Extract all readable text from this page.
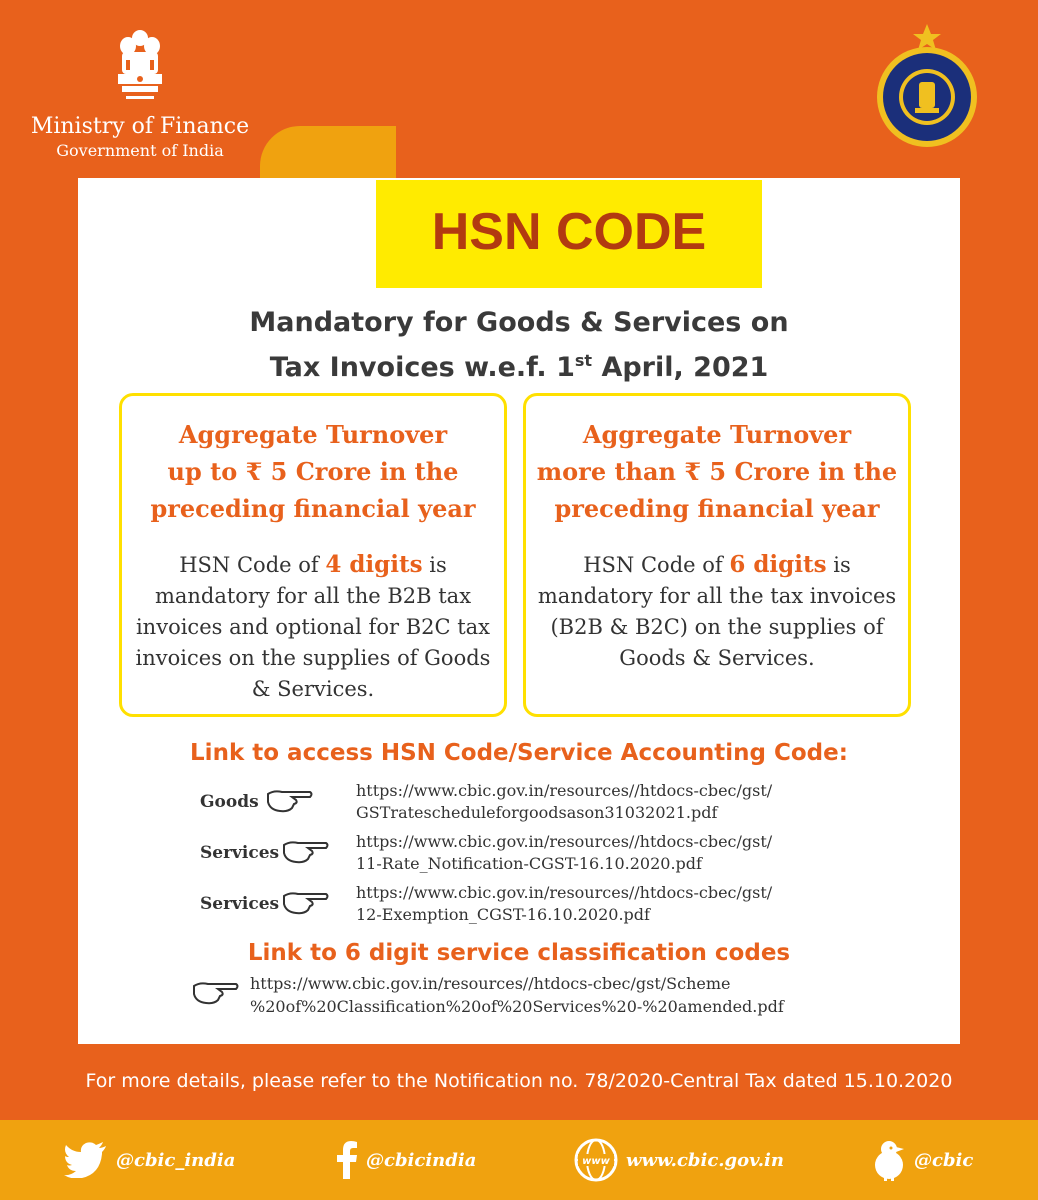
Ministry of Finance
Government of India
HSN CODE
Mandatory for Goods & Services on
Tax Invoices w.e.f. 1st April, 2021
Aggregate Turnover
up to ₹ 5 Crore in the
preceding financial year
HSN Code of 4 digits is mandatory for all the B2B tax invoices and optional for B2C tax invoices on the supplies of Goods & Services.
Aggregate Turnover
more than ₹ 5 Crore in the
preceding financial year
HSN Code of 6 digits is mandatory for all the tax invoices (B2B & B2C) on the supplies of Goods & Services.
Link to access HSN Code/Service Accounting Code:
Goods
https://www.cbic.gov.in/resources//htdocs-cbec/gst/
GSTratescheduleforgoodsason31032021.pdf
Services
https://www.cbic.gov.in/resources//htdocs-cbec/gst/
11-Rate_Notification-CGST-16.10.2020.pdf
Services
https://www.cbic.gov.in/resources//htdocs-cbec/gst/
12-Exemption_CGST-16.10.2020.pdf
Link to 6 digit service classification codes
https://www.cbic.gov.in/resources//htdocs-cbec/gst/Scheme
%20of%20Classification%20of%20Services%20-%20amended.pdf
For more details, please refer to the Notification no. 78/2020-Central Tax dated 15.10.2020
@cbic_india	@cbicindia	www www.cbic.gov.in	@cbic
